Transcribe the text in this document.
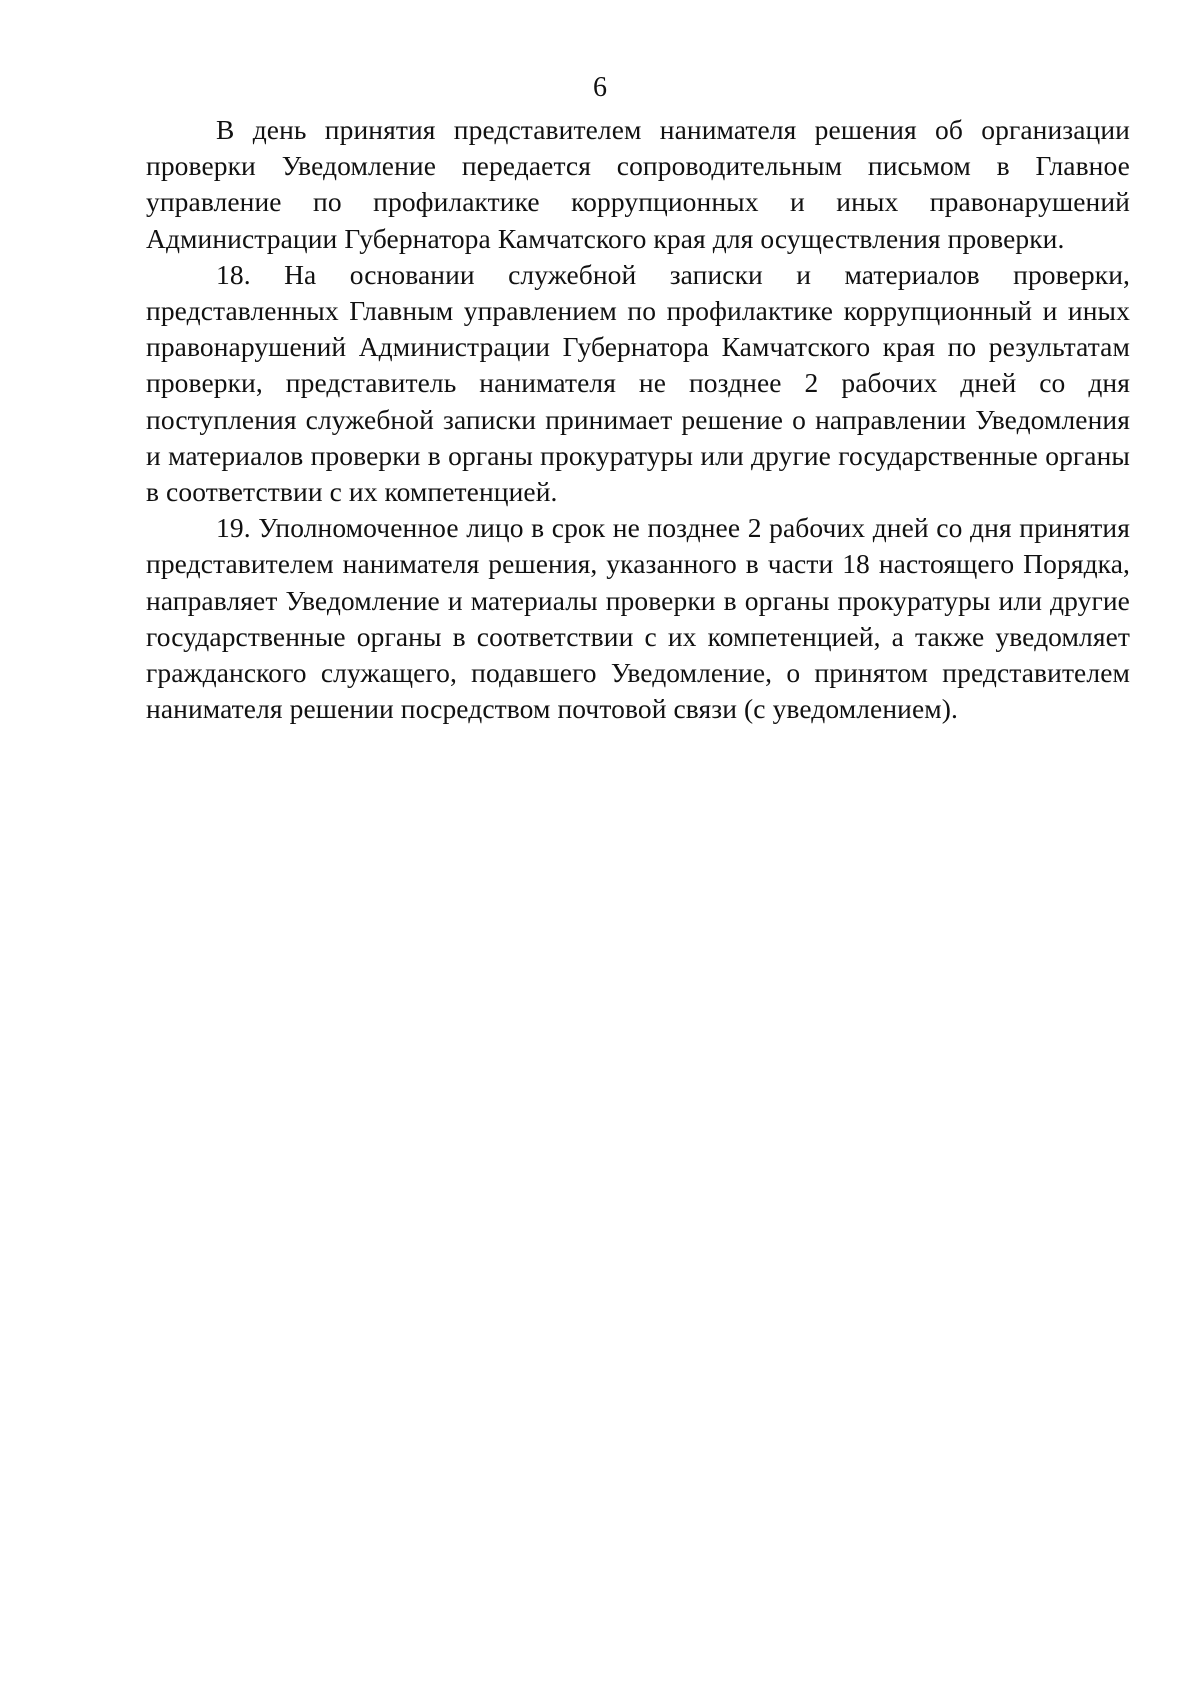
6

В день принятия представителем нанимателя решения об организации проверки Уведомление передается сопроводительным письмом в Главное управление по профилактике коррупционных и иных правонарушений Администрации Губернатора Камчатского края для осуществления проверки.

18. На основании служебной записки и материалов проверки, представленных Главным управлением по профилактике коррупционный и иных правонарушений Администрации Губернатора Камчатского края по результатам проверки, представитель нанимателя не позднее 2 рабочих дней со дня поступления служебной записки принимает решение о направлении Уведомления и материалов проверки в органы прокуратуры или другие государственные органы в соответствии с их компетенцией.

19. Уполномоченное лицо в срок не позднее 2 рабочих дней со дня принятия представителем нанимателя решения, указанного в части 18 настоящего Порядка, направляет Уведомление и материалы проверки в органы прокуратуры или другие государственные органы в соответствии с их компетенцией, а также уведомляет гражданского служащего, подавшего Уведомление, о принятом представителем нанимателя решении посредством почтовой связи (с уведомлением).
